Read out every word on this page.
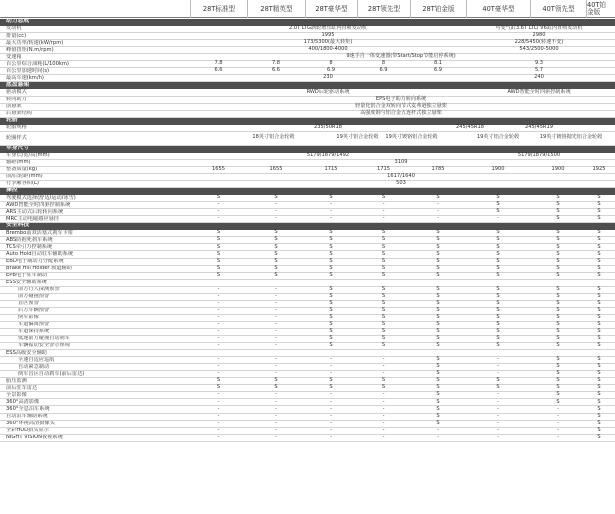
28T标准型	28T精英型	28T豪华型	28T领先型	28T铂金版	40T豪华型	40T领先型	40T铂金版
动力总成
发动机	2.0T LTG涡轮增压缸内直喷发动机	可变气缸3.6T LTL/ V6缸内直喷发动机
排量(cc)	1995	2980
最大功率/转速(kW/rpm)	173/5300(最大转矩)	228/5450(转速不变)
峰值扭矩(N.m/rpm)	400/1800-4000	543/2500-5000
变速箱	9速手自一体变速器(带Start/Stop节能启停系统)
百公里综合油耗(L/100km)	7.8	7.8	8	8	8.1	9.3
百公里加速时间(s)	6.6	6.6	6.9	6.9	6.9	5.7
最高车速(km/h)	230	240
底盘悬架
驱动模式	RWD后轮驱动系统	AWD智能全时四驱控制系统
转向助力	EPS电子助力转向系统
前悬架	轻量化铝合金双转向节式麦弗逊独立悬架
后悬架结构	高强度钢与铝合金五连杆式独立悬架
轮胎
轮胎规格	235/50R18	245/45R18	245/45R19
轮圈样式	18英寸铝合金轮毂	19英寸铝合金轮毂	19英寸镀铬铝合金轮毂	19英寸铝合金轮毂	19英寸镀铬抛光铝合金轮毂
车身尺寸
车身长/宽/高(mm)	5179/1879/1492	5179/1879/1500
轴距(mm)	3109
整备质量(kg)	1655	1655	1715	1715	1785	1900	1900	1925
前/后轮距(mm)	1617/1640
行李厢容积(L)	503
操控
驾驶模式选择(舒适/运动/冰雪)	S	S	S	S	S	S	S	S
AWD智能全时四驱控制系统	-	-	-	-	-	S	S	S
ARS主动式后轮转向系统	-	-	-	-	-	S	S	S
MRC主动电磁感应悬挂	-	-	-	-	-	-	S	S
安全科技
Brembo前双活塞式刹车卡钳	S	S	S	S	S	S	S	S
ABS防抱死刹车系统	S	S	S	S	S	S	S	S
TCS牵引力控制系统	S	S	S	S	S	S	S	S
Auto Hold自动驻车辅助系统	S	S	S	S	S	S	S	S
EBD电子制动力分配系统	S	S	S	S	S	S	S	S
Brake Hill Holder 坡道辅助	S	S	S	S	S	S	S	S
EPB电子驻车制动	S	S	S	S	S	S	S	S
ESS安全辅助系统
前方行人探测预警	-	-	S	S	S	S	S	S
前方碰撞预警	-	-	S	S	S	S	S	S
盲区预警	-	-	S	S	S	S	S	S
后方车辆预警	-	-	S	S	S	S	S	S
倒车影像	-	-	S	S	S	S	S	S
车道偏离预警	-	-	S	S	S	S	S	S
车道保持系统	-	-	S	S	S	S	S	S
低速前方碰撞自动刹车	-	-	S	S	S	S	S	S
车辆振动安全警示座椅	-	-	S	S	S	S	S	S
ESS高级安全辅助
全速自适应巡航	-	-	-	-	S	-	S	S
自动紧急制动	-	-	-	-	S	-	S	S
倒车盲区自动刹车(前后雷达)	-	-	-	-	S	-	S	S
胎压监测	S	S	S	S	S	S	S	S
前后驻车雷达	S	S	S	S	S	S	S	S
全景影像	-	-	-	-	S	-	S	S
360°高清影像	-	-	-	-	S	-	S	S
360°全息泊车系统	-	-	-	-	S	-	-	S
自动泊车辅助系统	-	-	-	-	S	-	-	S
360°环视高清摄像头	-	-	-	-	S	-	-	S
全彩HUD抬头显示	-	-	-	-	-	-	-	S
NIGHT VISION夜视系统	-	-	-	-	-	-	-	S
